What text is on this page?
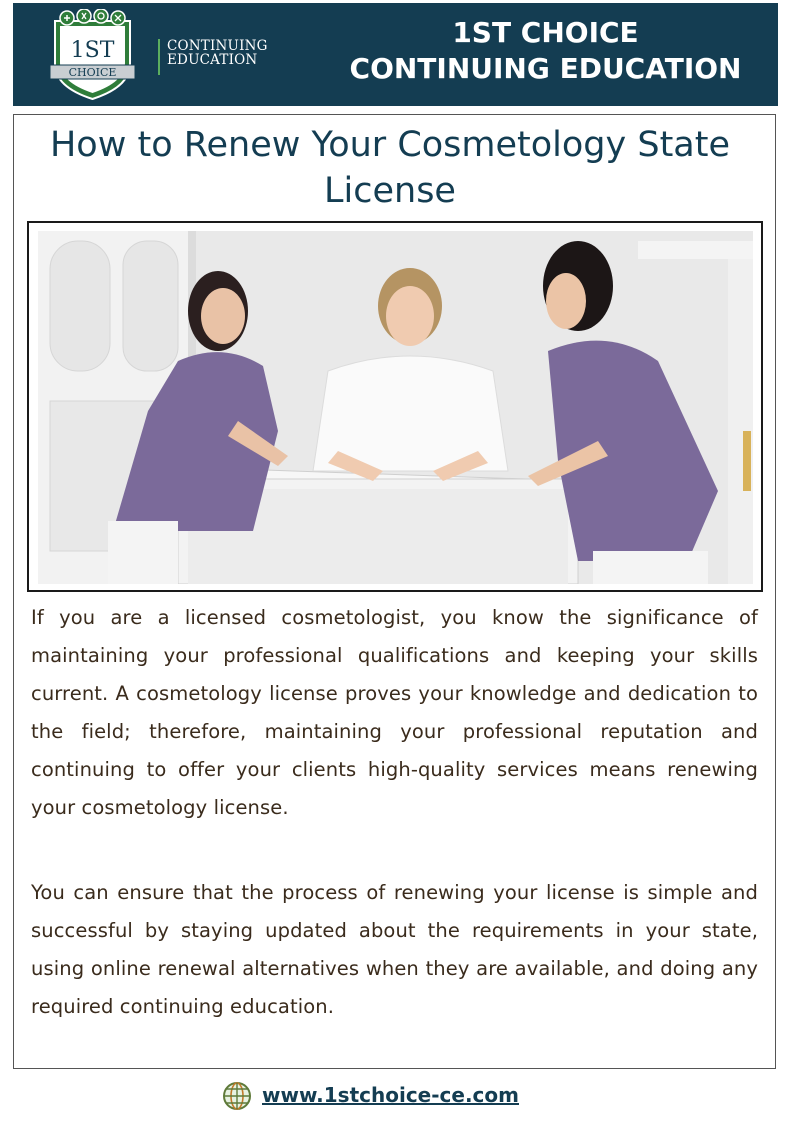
1ST
CHOICE
CONTINUING
EDUCATION
1ST CHOICE
CONTINUING EDUCATION
How to Renew Your Cosmetology State License

If you are a licensed cosmetologist, you know the significance of maintaining your professional qualifications and keeping your skills current. A cosmetology license proves your knowledge and dedication to the field; therefore, maintaining your professional reputation and continuing to offer your clients high-quality services means renewing your cosmetology license.

You can ensure that the process of renewing your license is simple and successful by staying updated about the requirements in your state, using online renewal alternatives when they are available, and doing any required continuing education.

www.1stchoice-ce.com
